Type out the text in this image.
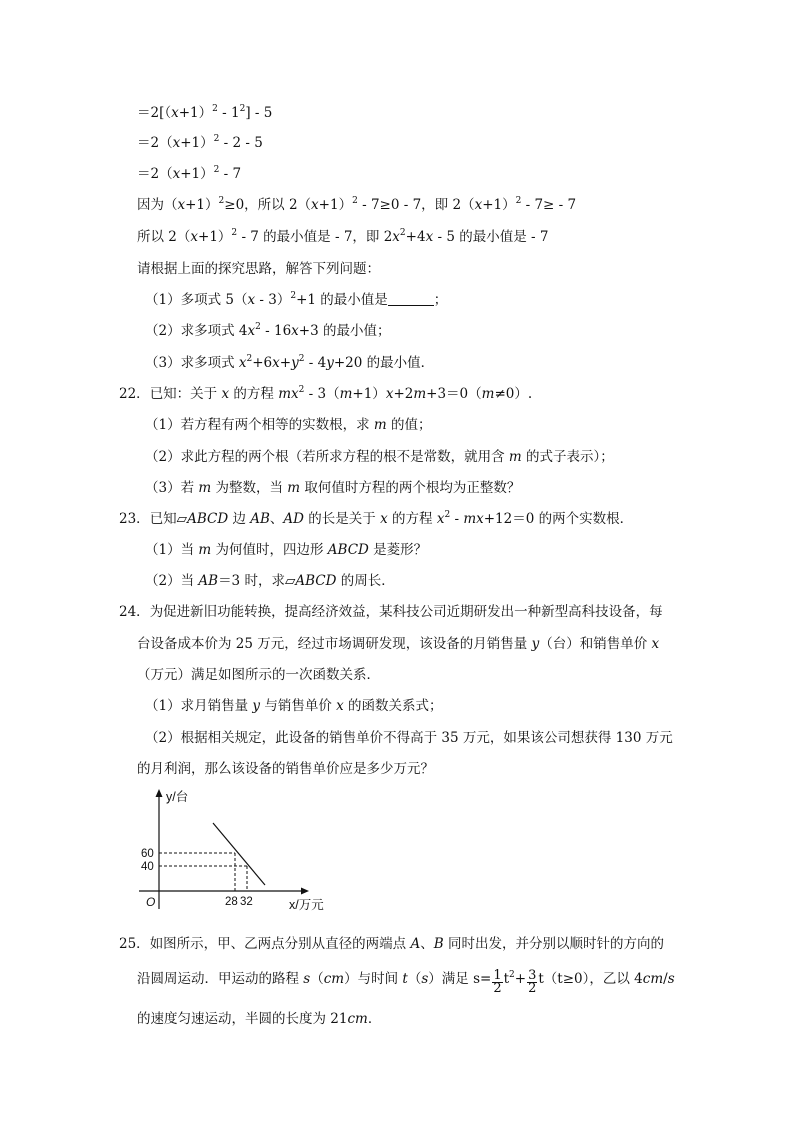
$=2[(x+1)^2 - 1^2] - 5$
$=2(x+1)^2 - 2 - 5$
$=2(x+1)^2 - 7$
因为$(x+1)^2\ge 0$，所以 $2(x+1)^2 - 7\ge 0 - 7$，即 $2(x+1)^2 - 7\ge - 7$
所以 $2(x+1)^2 - 7$ 的最小值是 - 7，即 $2x^2+4x - 5$ 的最小值是 - 7
请根据上面的探究思路，解答下列问题：
（1）多项式 5（x - 3）$^2$+1 的最小值是	；
（2）求多项式 $4x^2 - 16x+3$ 的最小值；
（3）求多项式 $x^2+6x+y^2 - 4y+20$ 的最小值．
22．已知：关于 x 的方程 $mx^2 - 3(m+1)x+2m+3=0(m\ne 0)$.
（1）若方程有两个相等的实数根，求 m 的值；
（2）求此方程的两个根（若所求方程的根不是常数，就用含 m 的式子表示）；
（3）若 m 为整数，当 m 取何值时方程的两个根均为正整数？
23．已知▱ABCD 边 AB、AD 的长是关于 x 的方程 $x^2 - mx+12=0$ 的两个实数根．
（1）当 m 为何值时，四边形 ABCD 是菱形？
（2）当 AB＝3 时，求▱ABCD 的周长．
24．为促进新旧功能转换，提高经济效益，某科技公司近期研发出一种新型高科技设备，每
台设备成本价为 25 万元，经过市场调研发现，该设备的月销售量 y（台）和销售单价 x
（万元）满足如图所示的一次函数关系．
（1）求月销售量 y 与销售单价 x 的函数关系式；
（2）根据相关规定，此设备的销售单价不得高于 35 万元，如果该公司想获得 130 万元
的月利润，那么该设备的销售单价应是多少万元？
y/台
x/万元
O
60
40
28 32
25．如图所示，甲、乙两点分别从直径的两端点 A、B 同时出发，并分别以顺时针的方向的
沿圆周运动．甲运动的路程 s（cm）与时间 t（s）满足 $s= \frac{1}{2} t^2+ \frac{3}{2} t(t\ge 0)$，乙以 4cm/s
的速度匀速运动，半圆的长度为 21cm．
